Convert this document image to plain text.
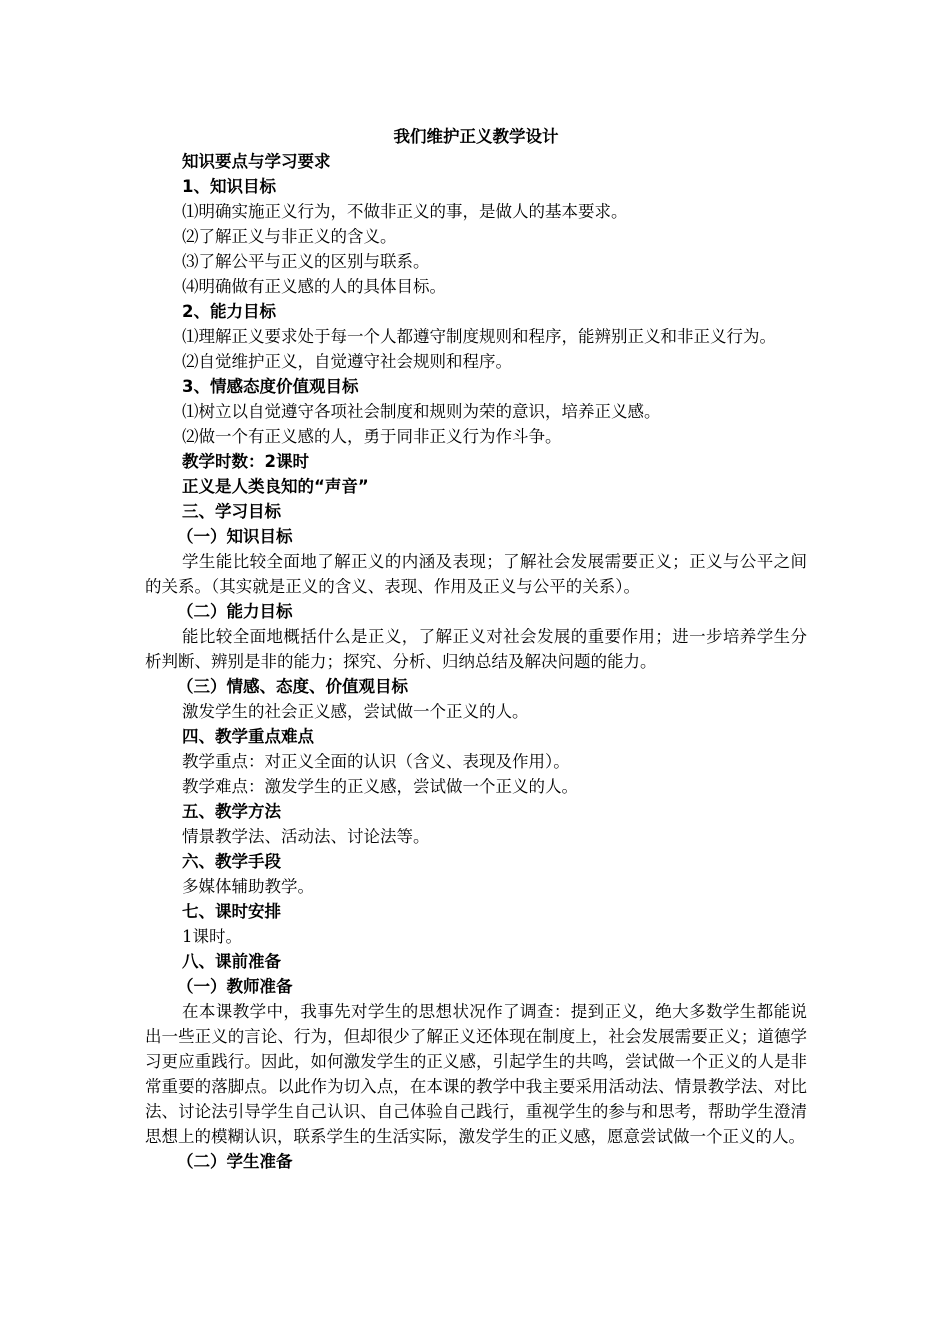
我们维护正义教学设计
知识要点与学习要求
1、知识目标
⑴明确实施正义行为，不做非正义的事，是做人的基本要求。
⑵了解正义与非正义的含义。
⑶了解公平与正义的区别与联系。
⑷明确做有正义感的人的具体目标。
2、能力目标
⑴理解正义要求处于每一个人都遵守制度规则和程序，能辨别正义和非正义行为。
⑵自觉维护正义，自觉遵守社会规则和程序。
3、情感态度价值观目标
⑴树立以自觉遵守各项社会制度和规则为荣的意识，培养正义感。
⑵做一个有正义感的人，勇于同非正义行为作斗争。
教学时数：2课时
正义是人类良知的“声音”
三、学习目标
（一）知识目标
学生能比较全面地了解正义的内涵及表现；了解社会发展需要正义；正义与公平之间的关系。（其实就是正义的含义、表现、作用及正义与公平的关系）。
（二）能力目标
能比较全面地概括什么是正义，了解正义对社会发展的重要作用；进一步培养学生分析判断、辨别是非的能力；探究、分析、归纳总结及解决问题的能力。
（三）情感、态度、价值观目标
激发学生的社会正义感，尝试做一个正义的人。
四、教学重点难点
教学重点：对正义全面的认识（含义、表现及作用）。
教学难点：激发学生的正义感，尝试做一个正义的人。
五、教学方法
情景教学法、活动法、讨论法等。
六、教学手段
多媒体辅助教学。
七、课时安排
1课时。
八、课前准备
（一）教师准备
在本课教学中，我事先对学生的思想状况作了调查：提到正义，绝大多数学生都能说出一些正义的言论、行为，但却很少了解正义还体现在制度上，社会发展需要正义；道德学习更应重践行。因此，如何激发学生的正义感，引起学生的共鸣，尝试做一个正义的人是非常重要的落脚点。以此作为切入点，在本课的教学中我主要采用活动法、情景教学法、对比法、讨论法引导学生自己认识、自己体验自己践行，重视学生的参与和思考，帮助学生澄清思想上的模糊认识，联系学生的生活实际，激发学生的正义感，愿意尝试做一个正义的人。
（二）学生准备
